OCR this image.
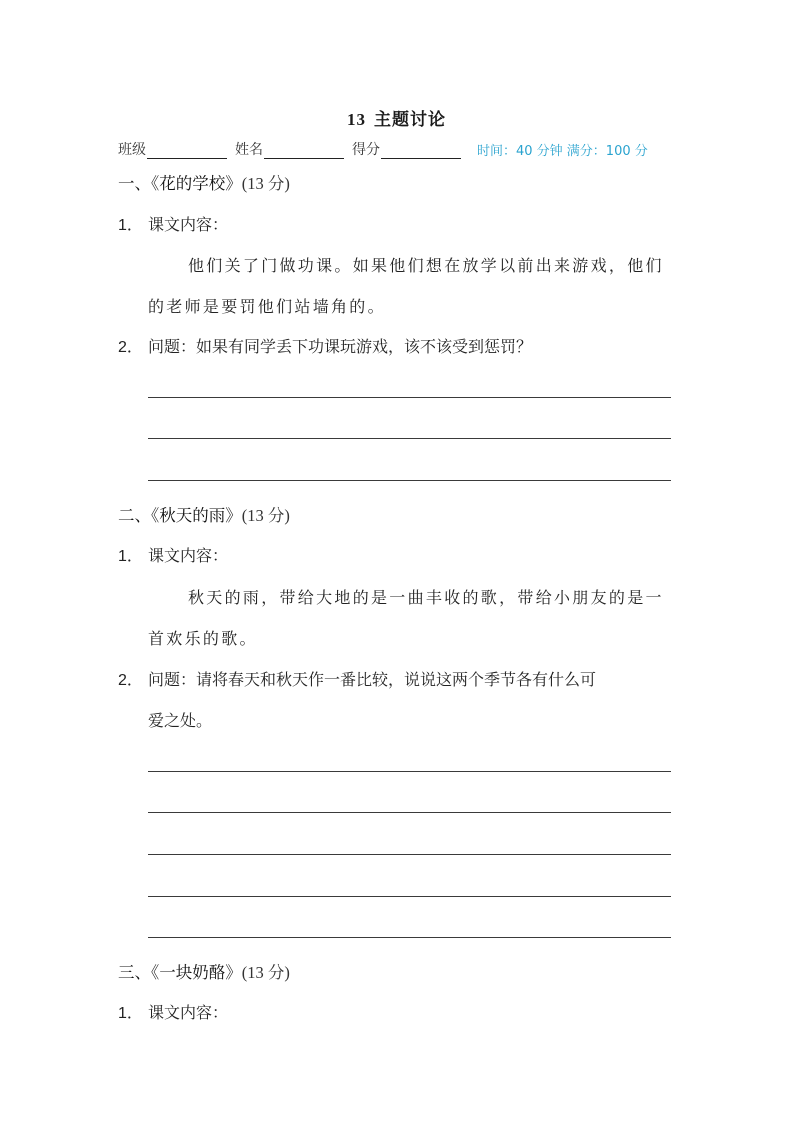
13 主题讨论
班级	姓名	得分	时间：40 分钟 满分：100 分
一、《花的学校》(13 分)
1． 课文内容：
他们关了门做功课。如果他们想在放学以前出来游戏，他们
的老师是要罚他们站墙角的。
2． 问题：如果有同学丢下功课玩游戏，该不该受到惩罚？
二、《秋天的雨》(13 分)
1． 课文内容：
秋天的雨，带给大地的是一曲丰收的歌，带给小朋友的是一
首欢乐的歌。
2． 问题：请将春天和秋天作一番比较，说说这两个季节各有什么可
爱之处。
三、《一块奶酪》(13 分)
1． 课文内容：
